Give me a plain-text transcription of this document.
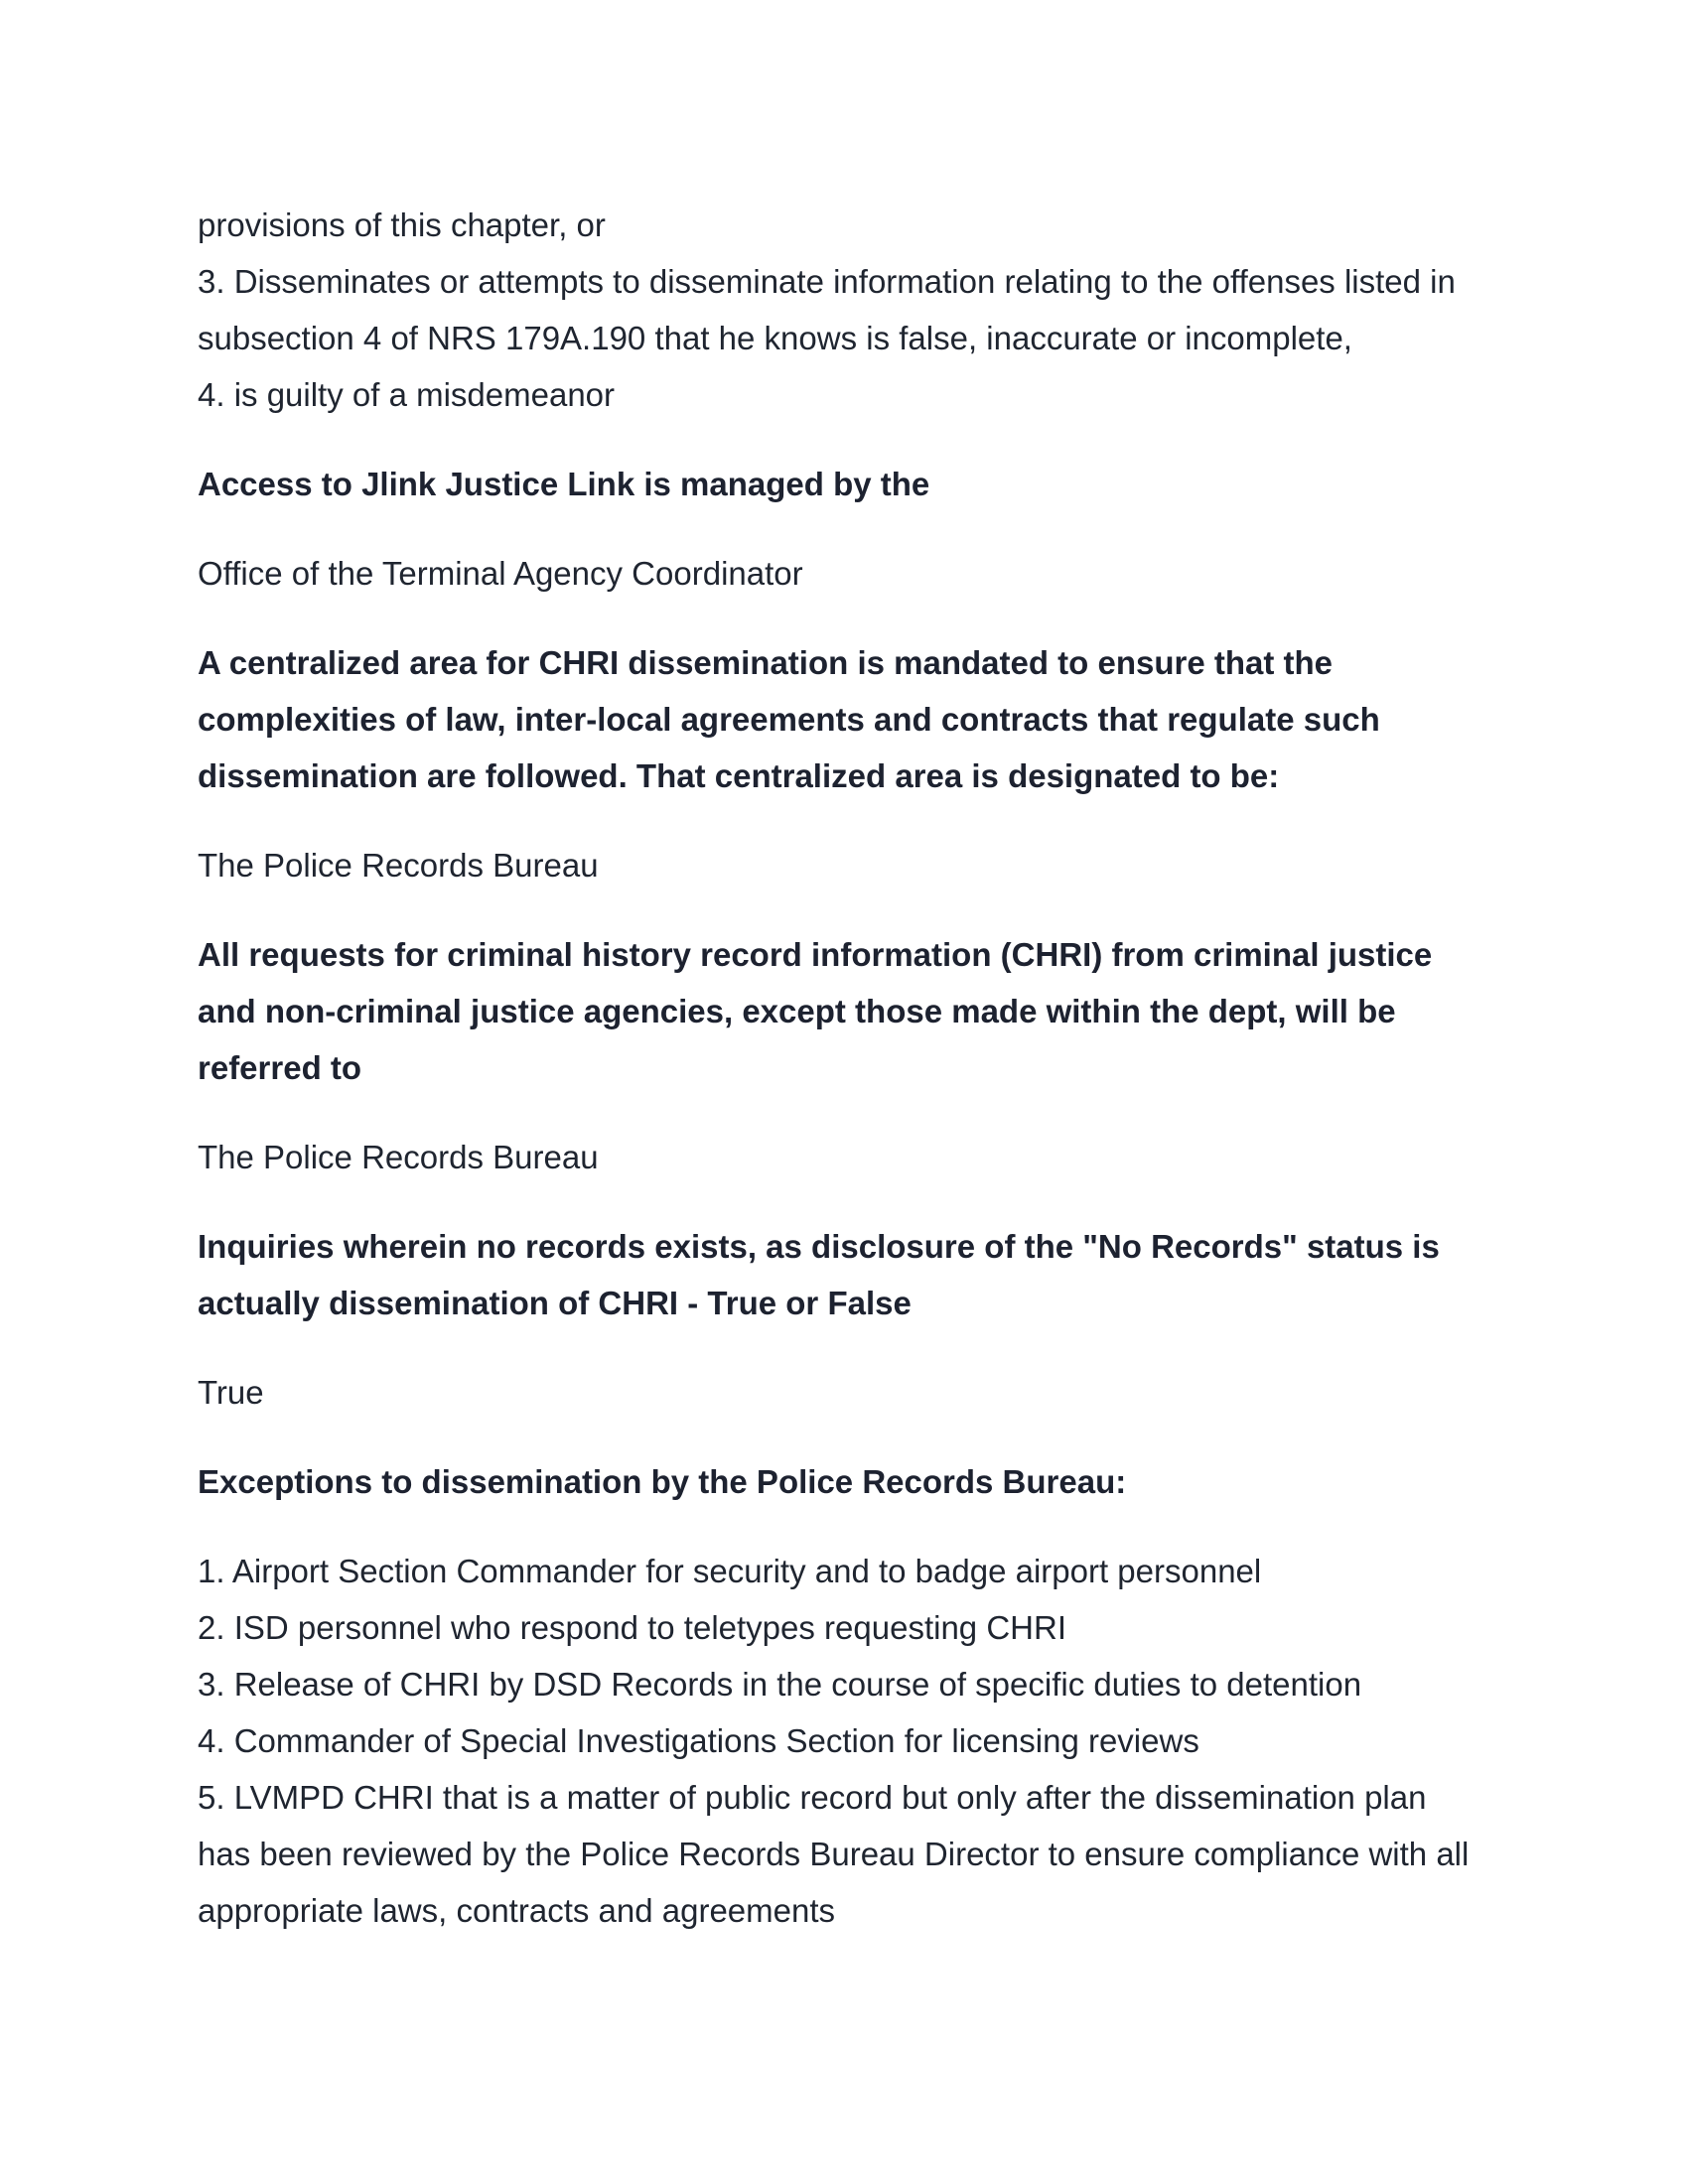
provisions of this chapter, or

3. Disseminates or attempts to disseminate information relating to the offenses listed in

subsection 4 of NRS 179A.190 that he knows is false, inaccurate or incomplete,

4. is guilty of a misdemeanor

Access to Jlink Justice Link is managed by the

Office of the Terminal Agency Coordinator

A centralized area for CHRI dissemination is mandated to ensure that the

complexities of law, inter-local agreements and contracts that regulate such

dissemination are followed. That centralized area is designated to be:

The Police Records Bureau

All requests for criminal history record information (CHRI) from criminal justice

and non-criminal justice agencies, except those made within the dept, will be

referred to

The Police Records Bureau

Inquiries wherein no records exists, as disclosure of the "No Records" status is

actually dissemination of CHRI - True or False

True

Exceptions to dissemination by the Police Records Bureau:

1. Airport Section Commander for security and to badge airport personnel

2. ISD personnel who respond to teletypes requesting CHRI

3. Release of CHRI by DSD Records in the course of specific duties to detention

4. Commander of Special Investigations Section for licensing reviews

5. LVMPD CHRI that is a matter of public record but only after the dissemination plan

has been reviewed by the Police Records Bureau Director to ensure compliance with all

appropriate laws, contracts and agreements
